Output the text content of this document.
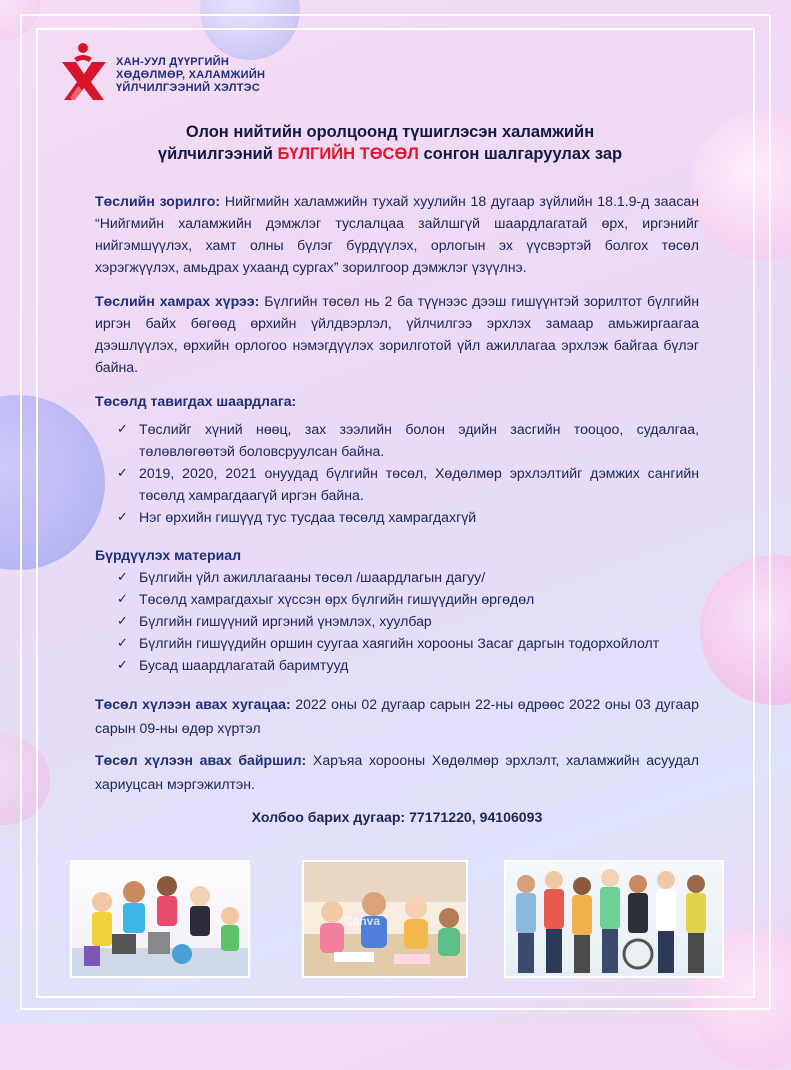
ХАН-УУЛ ДҮҮРГИЙН
ХӨДӨЛМӨР, ХАЛАМЖИЙН
ҮЙЛЧИЛГЭЭНИЙ ХЭЛТЭС
Олон нийтийн оролцоонд түшиглэсэн халамжийн
үйлчилгээний БҮЛГИЙН ТӨСӨЛ сонгон шалгаруулах зар

Төслийн зорилго: Нийгмийн халамжийн тухай хуулийн 18 дугаар зүйлийн 18.1.9-д заасан “Нийгмийн халамжийн дэмжлэг туслалцаа зайлшгүй шаардлагатай өрх, иргэнийг нийгэмшүүлэх, хамт олны бүлэг бүрдүүлэх, орлогын эх үүсвэртэй болгох төсөл хэрэгжүүлэх, амьдрах ухаанд сургах” зорилгоор дэмжлэг үзүүлнэ.

Төслийн хамрах хүрээ: Бүлгийн төсөл нь 2 ба түүнээс дээш гишүүнтэй зорилтот бүлгийн иргэн байх бөгөөд өрхийн үйлдвэрлэл, үйлчилгээ эрхлэх замаар амьжиргаагаа дээшлүүлэх, өрхийн орлогоо нэмэгдүүлэх зорилготой үйл ажиллагаа эрхлэж байгаа бүлэг байна.

Төсөлд тавигдах шаардлага:

✓ Төслийг хүний нөөц, зах зээлийн болон эдийн засгийн тооцоо, судалгаа, төлөвлөгөөтэй боловсруулсан байна.
✓ 2019, 2020, 2021 онуудад бүлгийн төсөл, Хөдөлмөр эрхлэлтийг дэмжих сангийн төсөлд хамрагдаагүй иргэн байна.
✓ Нэг өрхийн гишүүд тус тусдаа төсөлд хамрагдахгүй

Бүрдүүлэх материал

✓ Бүлгийн үйл ажиллагааны төсөл /шаардлагын дагуу/
✓ Төсөлд хамрагдахыг хүссэн өрх бүлгийн гишүүдийн өргөдөл
✓ Бүлгийн гишүүний иргэний үнэмлэх, хуулбар
✓ Бүлгийн гишүүдийн оршин суугаа хаягийн хорооны Засаг даргын тодорхойлолт
✓ Бусад шаардлагатай баримтууд

Төсөл хүлээн авах хугацаа: 2022 оны 02 дугаар сарын 22-ны өдрөөс 2022 оны 03 дугаар сарын 09-ны өдөр хүртэл

Төсөл хүлээн авах байршил: Харъяа хорооны Хөдөлмөр эрхлэлт, халамжийн асуудал хариуцсан мэргэжилтэн.

Холбоо барих дугаар: 77171220, 94106093

Canva
